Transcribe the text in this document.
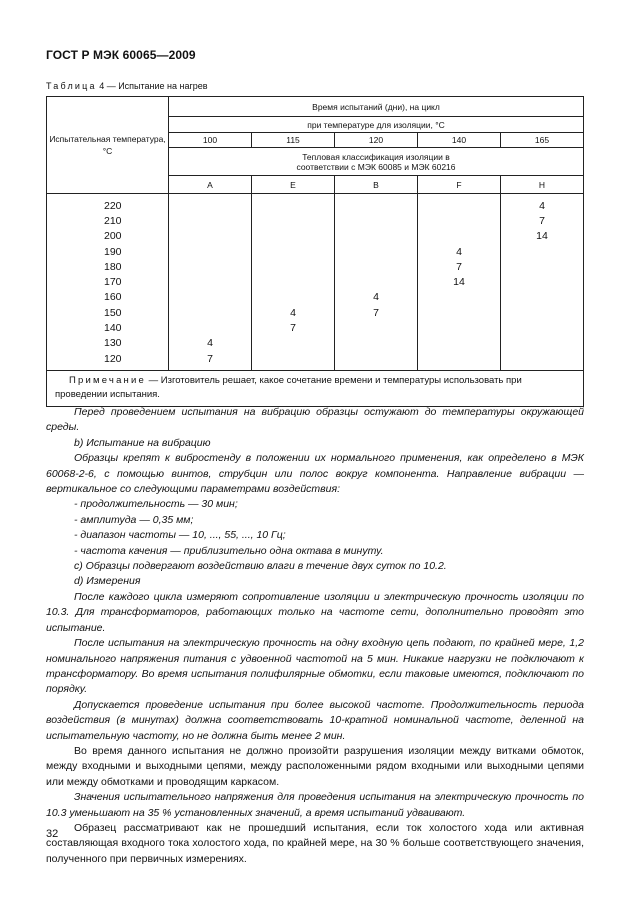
ГОСТ Р МЭК 60065—2009
Таблица 4 — Испытание на нагрев
Испытательная температура, °С	Время испытаний (дни), на цикл				
	при температуре для изоляции, °С				
	100	115	120	140	165
	Тепловая классификация изоляции в соответствии с МЭК 60085 и МЭК 60216				
	A	E	B	F	H
220					4
210					7
200					14
190				4	
180				7	
170				14	
160			4		
150		4	7		
140		7			
130	4				
120	7				
Примечание — Изготовитель решает, какое сочетание времени и температуры использовать при проведении испытания.					

Перед проведением испытания на вибрацию образцы остужают до температуры окружающей среды.

b) Испытание на вибрацию

Образцы крепят к вибростенду в положении их нормального применения, как определено в МЭК 60068-2-6, с помощью винтов, струбцин или полос вокруг компонента. Направление вибрации — вертикальное со следующими параметрами воздействия:

- продолжительность — 30 мин;

- амплитуда — 0,35 мм;

- диапазон частоты — 10, ..., 55, ..., 10 Гц;

- частота качения — приблизительно одна октава в минуту.

c) Образцы подвергают воздействию влаги в течение двух суток по 10.2.

d) Измерения

После каждого цикла измеряют сопротивление изоляции и электрическую прочность изоляции по 10.3. Для трансформаторов, работающих только на частоте сети, дополнительно проводят это испытание.

После испытания на электрическую прочность на одну входную цепь подают, по крайней мере, 1,2 номинального напряжения питания с удвоенной частотой на 5 мин. Никакие нагрузки не подключают к трансформатору. Во время испытания полифилярные обмотки, если таковые имеются, подключают по порядку.

Допускается проведение испытания при более высокой частоте. Продолжительность периода воздействия (в минутах) должна соответствовать 10-кратной номинальной частоте, деленной на испытательную частоту, но не должна быть менее 2 мин.

Во время данного испытания не должно произойти разрушения изоляции между витками обмоток, между входными и выходными цепями, между расположенными рядом входными или выходными цепями или между обмотками и проводящим каркасом.

Значения испытательного напряжения для проведения испытания на электрическую прочность по 10.3 уменьшают на 35 % установленных значений, а время испытаний удваивают.

Образец рассматривают как не прошедший испытания, если ток холостого хода или активная составляющая входного тока холостого хода, по крайней мере, на 30 % больше соответствующего значения, полученного при первичных измерениях.

32
